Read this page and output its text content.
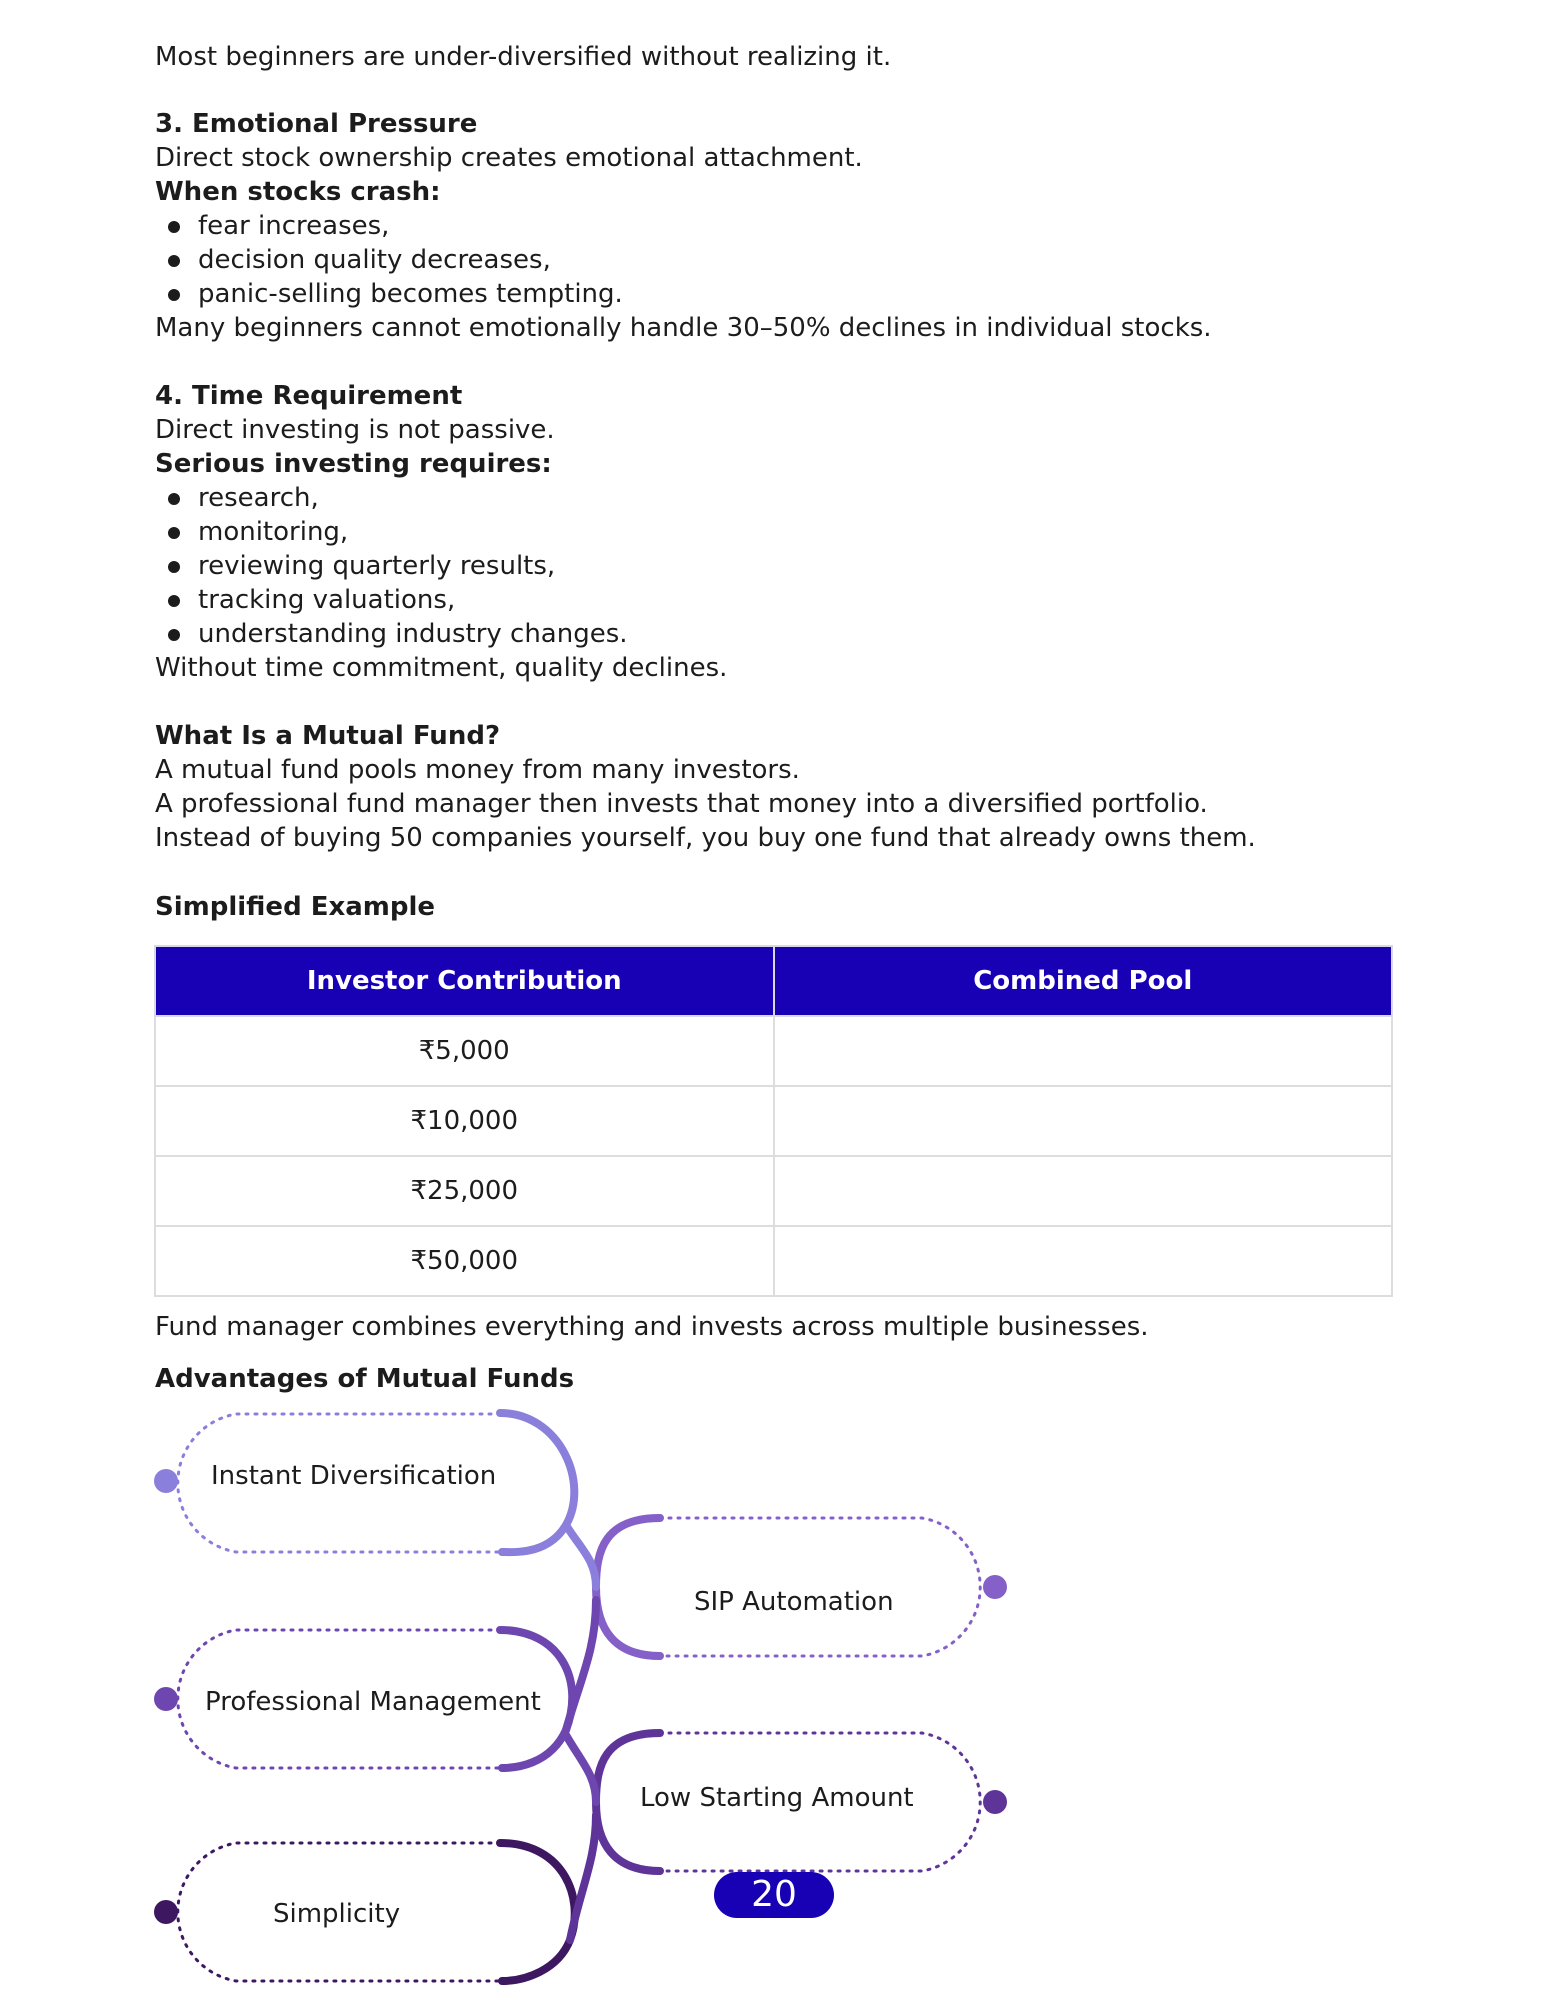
Most beginners are under-diversified without realizing it.
3. Emotional Pressure
Direct stock ownership creates emotional attachment.
When stocks crash:
fear increases,
decision quality decreases,
panic-selling becomes tempting.
Many beginners cannot emotionally handle 30–50% declines in individual stocks.
4. Time Requirement
Direct investing is not passive.
Serious investing requires:
research,
monitoring,
reviewing quarterly results,
tracking valuations,
understanding industry changes.
Without time commitment, quality declines.
What Is a Mutual Fund?
A mutual fund pools money from many investors.
A professional fund manager then invests that money into a diversified portfolio.
Instead of buying 50 companies yourself, you buy one fund that already owns them.
Simplified Example
Investor Contribution	Combined Pool
₹5,000	
₹10,000	
₹25,000	
₹50,000	
Fund manager combines everything and invests across multiple businesses.
Advantages of Mutual Funds
Instant Diversification
SIP Automation
Professional Management
Low Starting Amount
Simplicity	20
